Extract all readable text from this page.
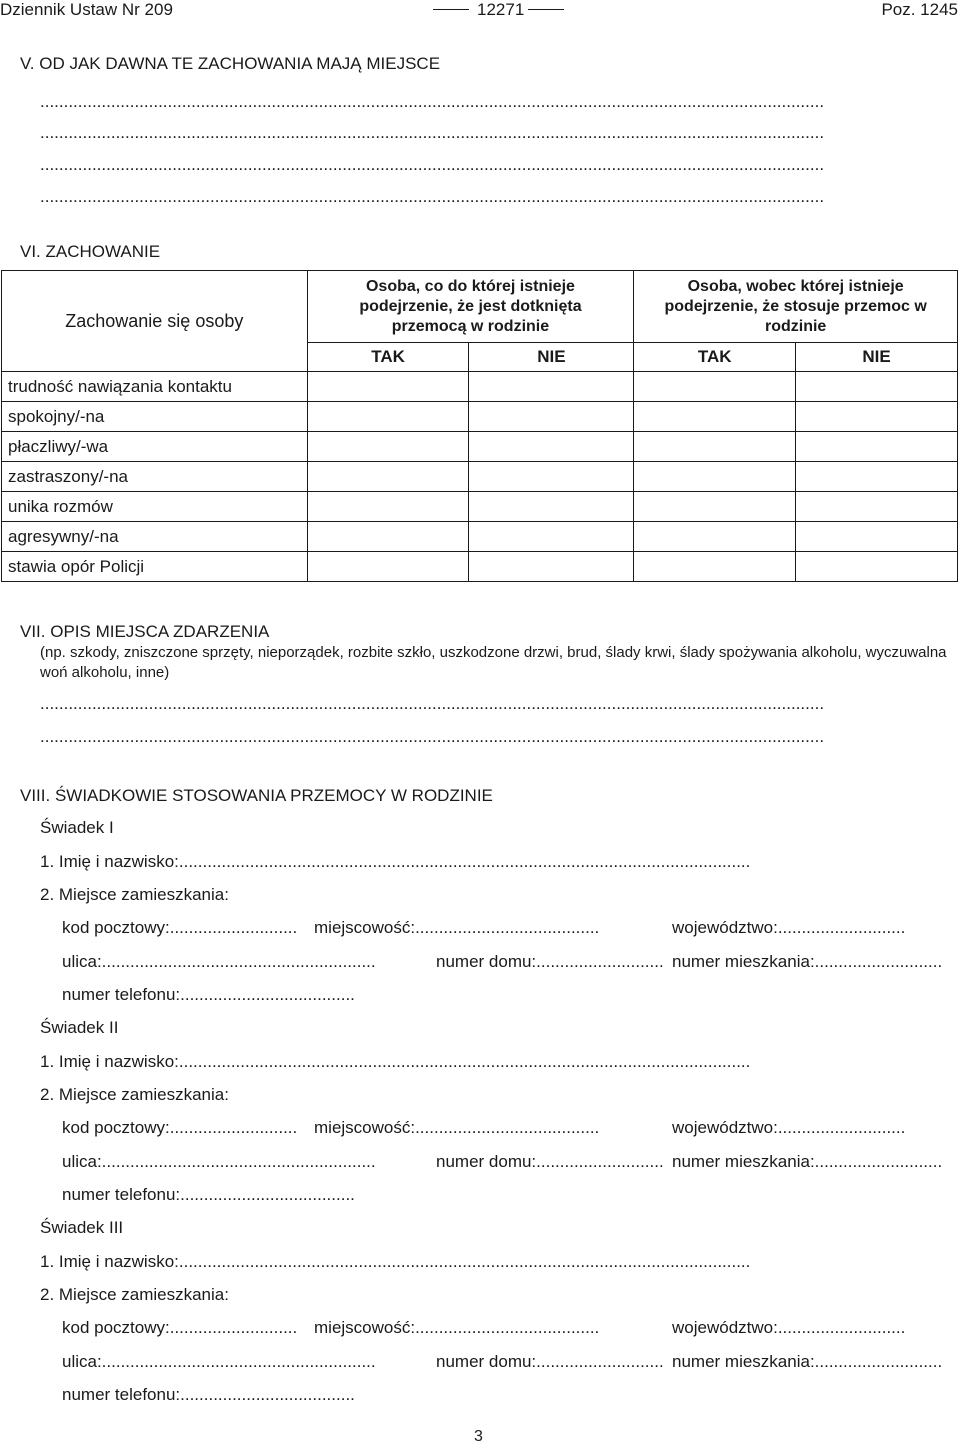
Dziennik Ustaw Nr 209	12271	Poz. 1245
V. OD JAK DAWNA TE ZACHOWANIA MAJĄ MIEJSCE
......................................................................................................................................................................
......................................................................................................................................................................
......................................................................................................................................................................
......................................................................................................................................................................
VI. ZACHOWANIE
Zachowanie się osoby	Osoba, co do której istnieje podejrzenie, że jest dotknięta przemocą w rodzinie		Osoba, wobec której istnieje podejrzenie, że stosuje przemoc w rodzinie	
	TAK	NIE	TAK	NIE
trudność nawiązania kontaktu				
spokojny/-na				
płaczliwy/-wa				
zastraszony/-na				
unika rozmów				
agresywny/-na				
stawia opór Policji				
VII. OPIS MIEJSCA ZDARZENIA
(np. szkody, zniszczone sprzęty, nieporządek, rozbite szkło, uszkodzone drzwi, brud, ślady krwi, ślady spożywania alkoholu, wyczuwalna woń alkoholu, inne)
......................................................................................................................................................................
......................................................................................................................................................................
VIII. ŚWIADKOWIE STOSOWANIA PRZEMOCY W RODZINIE
Świadek I
1. Imię i nazwisko:.........................................................................................................................
2. Miejsce zamieszkania:
kod pocztowy:........................... miejscowość:.......................................	województwo:...........................
ulica:..........................................................	numer domu:........................... numer mieszkania:...........................
numer telefonu:.....................................
Świadek II
1. Imię i nazwisko:.........................................................................................................................
2. Miejsce zamieszkania:
kod pocztowy:........................... miejscowość:.......................................	województwo:...........................
ulica:..........................................................	numer domu:........................... numer mieszkania:...........................
numer telefonu:.....................................
Świadek III
1. Imię i nazwisko:.........................................................................................................................
2. Miejsce zamieszkania:
kod pocztowy:........................... miejscowość:.......................................	województwo:...........................
ulica:..........................................................	numer domu:........................... numer mieszkania:...........................
numer telefonu:.....................................
3
